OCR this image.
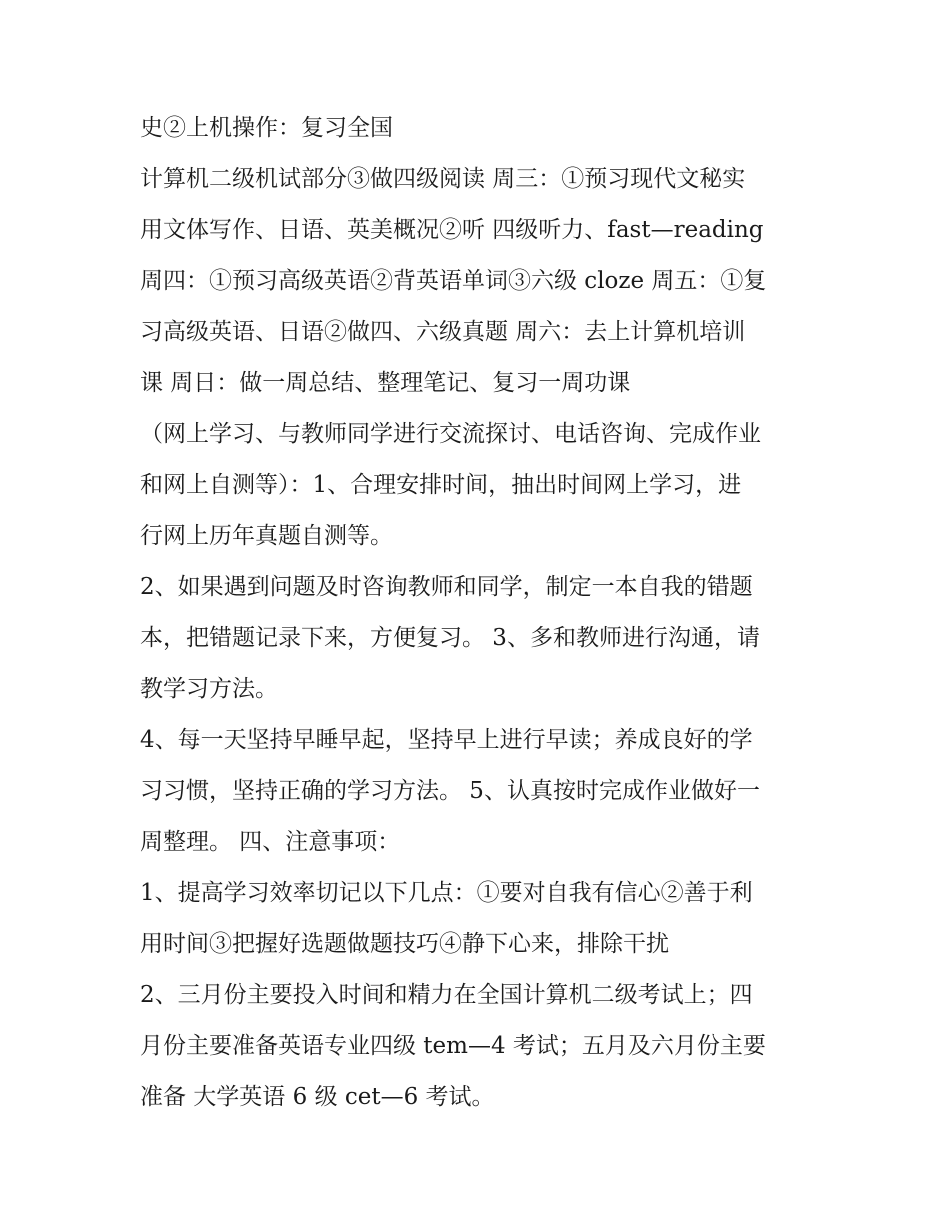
史②上机操作：复习全国
计算机二级机试部分③做四级阅读 周三：①预习现代文秘实
用文体写作、日语、英美概况②听 四级听力、fast—reading
周四：①预习高级英语②背英语单词③六级 cloze 周五：①复
习高级英语、日语②做四、六级真题 周六：去上计算机培训
课 周日：做一周总结、整理笔记、复习一周功课
（网上学习、与教师同学进行交流探讨、电话咨询、完成作业
和网上自测等）：1、合理安排时间，抽出时间网上学习，进
行网上历年真题自测等。
2、如果遇到问题及时咨询教师和同学，制定一本自我的错题
本，把错题记录下来，方便复习。 3、多和教师进行沟通，请
教学习方法。
4、每一天坚持早睡早起，坚持早上进行早读；养成良好的学
习习惯，坚持正确的学习方法。 5、认真按时完成作业做好一
周整理。 四、注意事项：
1、提高学习效率切记以下几点：①要对自我有信心②善于利
用时间③把握好选题做题技巧④静下心来，排除干扰
2、三月份主要投入时间和精力在全国计算机二级考试上；四
月份主要准备英语专业四级 tem—4 考试；五月及六月份主要
准备 大学英语 6 级 cet—6 考试。
